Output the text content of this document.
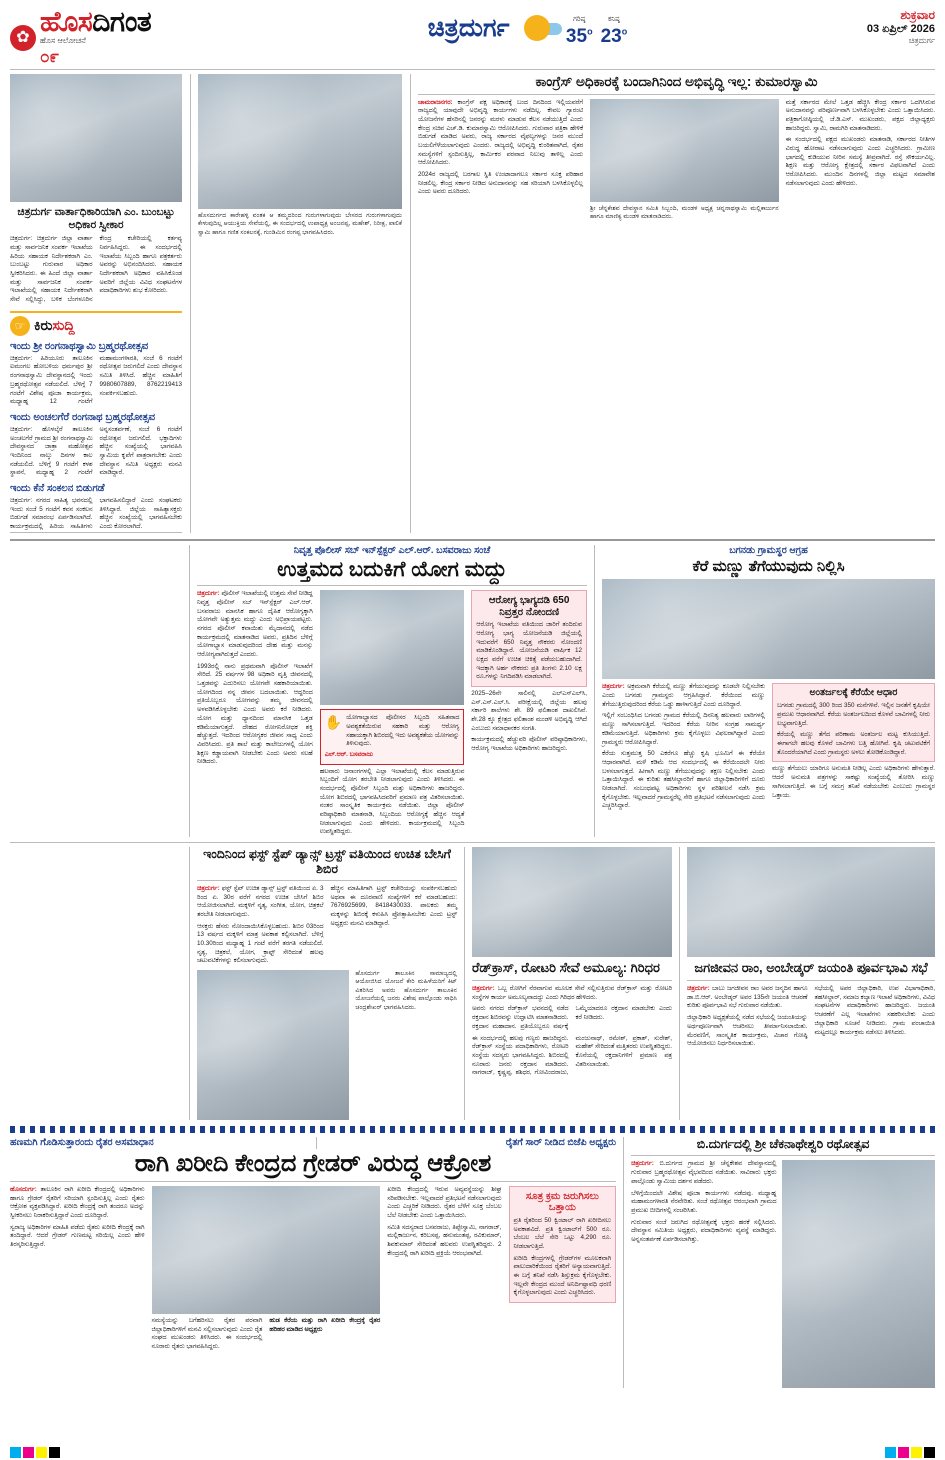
✿ ಹೊಸದಿಗಂತ
ಹೊಸ ಆಲೋಚನೆ
೦೯
ಚಿತ್ರದುರ್ಗ	ಗರಿಷ್ಠ
35$^o$
ಕನಿಷ್ಠ
23$^o$
ಶುಕ್ರವಾರ
03 ಏಪ್ರಿಲ್ 2026
ಚಿತ್ರದುರ್ಗ
ಚಿತ್ರದುರ್ಗ ವಾರ್ತಾಧಿಕಾರಿಯಾಗಿ ಎಂ. ಬುಂಬಟ್ಟು ಅಧಿಕಾರ ಸ್ವೀಕಾರ
ಚಿತ್ರದುರ್ಗ: ಚಿತ್ರದುರ್ಗ ಜಿಲ್ಲಾ ವಾರ್ತಾ ಮತ್ತು ಸಾರ್ವಜನಿಕ ಸಂಪರ್ಕ ಇಲಾಖೆಯ ಹಿರಿಯ ಸಹಾಯಕ ನಿರ್ದೇಶಕರಾಗಿ ಎಂ. ಬುಂಬಟ್ಟು ಗುರುವಾರ ಅಧಿಕಾರ ಸ್ವೀಕರಿಸಿದರು. ಈ ಹಿಂದೆ ಜಿಲ್ಲಾ ವಾರ್ತಾ ಮತ್ತು ಸಾರ್ವಜನಿಕ ಸಂಪರ್ಕ ಇಲಾಖೆಯಲ್ಲಿ ಸಹಾಯಕ ನಿರ್ದೇಶಕರಾಗಿ ಸೇವೆ ಸಲ್ಲಿಸಿದ್ದು, ಬಳಿಕ ಬೆಂಗಳೂರಿನ ಕೇಂದ್ರ ಕಚೇರಿಯಲ್ಲಿ ಕರ್ತವ್ಯ ನಿರ್ವಹಿಸಿದ್ದರು. ಈ ಸಂದರ್ಭದಲ್ಲಿ ಇಲಾಖೆಯ ಸಿಬ್ಬಂದಿ ಹಾಗೂ ಪತ್ರಕರ್ತರು ಅವರನ್ನು ಅಭಿನಂದಿಸಿದರು. ಸಹಾಯಕ ನಿರ್ದೇಶಕರಾಗಿ ಅಧಿಕಾರ ವಹಿಸಿಕೊಂಡ ಅವರಿಗೆ ಜಿಲ್ಲೆಯ ವಿವಿಧ ಸಂಘಟನೆಗಳ ಪದಾಧಿಕಾರಿಗಳು ಶುಭ ಕೋರಿದರು.
☞ ಕಿರುಸುದ್ದಿ
ಇಂದು ಶ್ರೀ ರಂಗನಾಥಸ್ವಾಮಿ ಬ್ರಹ್ಮರಥೋತ್ಸವ
ಚಿತ್ರದುರ್ಗ: ಹಿರಿಯೂರು ತಾಲೂಕಿನ ಐಮಂಗಲ ಹೋಬಳಿಯ ಧರ್ಮಪುರ ಶ್ರೀ ರಂಗನಾಥಸ್ವಾಮಿ ದೇವಸ್ಥಾನದಲ್ಲಿ ಇಂದು ಬ್ರಹ್ಮರಥೋತ್ಸವ ನಡೆಯಲಿದೆ. ಬೆಳಿಗ್ಗೆ 7 ಗಂಟೆಗೆ ವಿಶೇಷ ಪೂಜಾ ಕಾರ್ಯಕ್ರಮ, ಮಧ್ಯಾಹ್ನ 12 ಗಂಟೆಗೆ ಮಹಾಮಂಗಳಾರತಿ, ಸಂಜೆ 6 ಗಂಟೆಗೆ ರಥೋತ್ಸವ ಜರುಗಲಿದೆ ಎಂದು ದೇವಸ್ಥಾನ ಸಮಿತಿ ತಿಳಿಸಿದೆ. ಹೆಚ್ಚಿನ ಮಾಹಿತಿಗೆ 9980607889, 8762219413 ಸಂಪರ್ಕಿಸಬಹುದು.
ಇಂದು ಅಂಚಲಗೆರೆ ರಂಗನಾಥ ಬ್ರಹ್ಮರಥೋತ್ಸವ
ಚಿತ್ರದುರ್ಗ: ಹೊಳಲ್ಕೆರೆ ತಾಲೂಕಿನ ಅಂಚಲಗೆರೆ ಗ್ರಾಮದ ಶ್ರೀ ರಂಗನಾಥಸ್ವಾಮಿ ದೇವಸ್ಥಾನದ ಜಾತ್ರಾ ಮಹೋತ್ಸವ ಇಂದಿನಿಂದ ನಾಲ್ಕು ದಿನಗಳ ಕಾಲ ನಡೆಯಲಿದೆ. ಬೆಳಿಗ್ಗೆ 9 ಗಂಟೆಗೆ ಕಳಶ ಸ್ಥಾಪನೆ, ಮಧ್ಯಾಹ್ನ 2 ಗಂಟೆಗೆ ಅನ್ನಸಂತರ್ಪಣೆ, ಸಂಜೆ 6 ಗಂಟೆಗೆ ರಥೋತ್ಸವ ಜರುಗಲಿದೆ. ಭಕ್ತಾದಿಗಳು ಹೆಚ್ಚಿನ ಸಂಖ್ಯೆಯಲ್ಲಿ ಭಾಗವಹಿಸಿ ಸ್ವಾಮಿಯ ಕೃಪೆಗೆ ಪಾತ್ರರಾಗಬೇಕು ಎಂದು ದೇವಸ್ಥಾನ ಸಮಿತಿ ಅಧ್ಯಕ್ಷರು ಮನವಿ ಮಾಡಿದ್ದಾರೆ.
ಇಂದು ಕೆನೆ ಸಂಕಲನ ಬಿಡುಗಡೆ
ಚಿತ್ರದುರ್ಗ: ನಗರದ ಸಾಹಿತ್ಯ ಭವನದಲ್ಲಿ ಇಂದು ಸಂಜೆ 5 ಗಂಟೆಗೆ ಕವನ ಸಂಕಲನ ಬಿಡುಗಡೆ ಸಮಾರಂಭ ಏರ್ಪಡಿಸಲಾಗಿದೆ. ಕಾರ್ಯಕ್ರಮದಲ್ಲಿ ಹಿರಿಯ ಸಾಹಿತಿಗಳು ಭಾಗವಹಿಸಲಿದ್ದಾರೆ ಎಂದು ಸಂಘಟಕರು ತಿಳಿಸಿದ್ದಾರೆ. ಜಿಲ್ಲೆಯ ಸಾಹಿತ್ಯಾಸಕ್ತರು ಹೆಚ್ಚಿನ ಸಂಖ್ಯೆಯಲ್ಲಿ ಭಾಗವಹಿಸಬೇಕು ಎಂದು ಕೋರಲಾಗಿದೆ.
ಹೊಸದುರ್ಗದ ಕಾರೇಹಳ್ಳಿ ವಂತಕ ಆ ತಮ್ಮದರಿಂದ ಗುರುಗಳಾಗುವುದು ಬೇಸರದ ಗುರುಗಳಾಗುವುದು ಕೇಳುವುದಿಲ್ಲ ಆಯುಕ್ತಿಯ ಸೇವೆಯಲ್ಲಿ, ಈ ಸಂದರ್ಭದಲ್ಲಿ ಉಪಾಧ್ಯಕ್ಷ ಅಂಜನಪ್ಪ, ಮಹೇಶ್, ನಿರೀಕ್ಷ, ಪಾಲಿಕೆ ಸ್ವಾಮಿ ಹಾಗೂ ಗಣಿತ ಸಂಕಲನಕ್ಕೆ, ಗುಂಡಿಮಿನ ರಂಗಪ್ಪ ಭಾಗವಹಿಸಿದರು.
ಕಾಂಗ್ರೆಸ್ ಅಧಿಕಾರಕ್ಕೆ ಬಂದಾಗಿನಿಂದ ಅಭಿವೃದ್ಧಿ ಇಲ್ಲ: ಕುಮಾರಸ್ವಾಮಿ
ಚಾಮರಾಜನಗರ: ಕಾಂಗ್ರೆಸ್ ಪಕ್ಷ ಅಧಿಕಾರಕ್ಕೆ ಬಂದ ದಿನದಿಂದ ಇಲ್ಲಿಯವರೆಗೆ ರಾಜ್ಯದಲ್ಲಿ ಯಾವುದೇ ಅಭಿವೃದ್ಧಿ ಕಾರ್ಯಗಳು ನಡೆದಿಲ್ಲ. ಕೇವಲ ಗ್ಯಾರಂಟಿ ಯೋಜನೆಗಳ ಹೆಸರಿನಲ್ಲಿ ಜನರನ್ನು ಮರಳು ಮಾಡುವ ಕೆಲಸ ನಡೆಯುತ್ತಿದೆ ಎಂದು ಕೇಂದ್ರ ಸಚಿವ ಎಚ್.ಡಿ. ಕುಮಾರಸ್ವಾಮಿ ಆರೋಪಿಸಿದರು. ಗುರುವಾರ ಪತ್ರಿಕಾ ಹೇಳಿಕೆ ಬಿಡುಗಡೆ ಮಾಡಿದ ಅವರು, ರಾಜ್ಯ ಸರ್ಕಾರದ ವೈಫಲ್ಯಗಳನ್ನು ಜನರ ಮುಂದೆ ಬಯಲಿಗೆಳೆಯಲಾಗುವುದು ಎಂದರು. ರಾಜ್ಯದಲ್ಲಿ ಅಭಿವೃದ್ಧಿ ಕುಂಠಿತವಾಗಿದೆ, ರೈತರ ಸಮಸ್ಯೆಗಳಿಗೆ ಸ್ಪಂದಿಸುತ್ತಿಲ್ಲ, ಕಾರ್ಮಿಕರ ಪರವಾದ ನಿಲುವು ತಾಳಿಲ್ಲ ಎಂದು ಆರೋಪಿಸಿದರು.
2024ರ ರಾಜ್ಯದಲ್ಲಿ ಬರಗಾಲ ಸ್ಥಿತಿ ಉಂಟಾದಾಗಲೂ ಸರ್ಕಾರ ಸೂಕ್ತ ಪರಿಹಾರ ನೀಡಲಿಲ್ಲ. ಕೇಂದ್ರ ಸರ್ಕಾರ ನೀಡಿದ ಅನುದಾನವನ್ನು ಸಹ ಸರಿಯಾಗಿ ಬಳಸಿಕೊಳ್ಳಲಿಲ್ಲ ಎಂದು ಅವರು ದೂರಿದರು.
ಶ್ರೀ ಚೆನ್ನಕೇಶವ ದೇವಸ್ಥಾನ ಸಮಿತಿ ಸಿಬ್ಬಂದಿ, ಮಂಡಳಿ ಅಧ್ಯಕ್ಷ ಚನ್ನನಾಥಸ್ವಾಮಿ ಮಲ್ಲಿಕಾರ್ಜುನ ಹಾಗೂ ಮಾಣಿಕ್ಯ ಮಂಡಳಿ ಮಾತನಾಡಿದರು.
ಮತ್ತೆ ಸರ್ಕಾರದ ಮೇಲೆ ಒತ್ತಡ ಹೆಚ್ಚಿಸಿ ಕೇಂದ್ರ ಸರ್ಕಾರ ಒದಗಿಸಿರುವ ಅನುದಾನವನ್ನು ಪರಿಪೂರ್ಣವಾಗಿ ಬಳಸಿಕೊಳ್ಳಬೇಕು ಎಂದು ಒತ್ತಾಯಿಸಿದರು. ಪತ್ರಿಕಾಗೋಷ್ಠಿಯಲ್ಲಿ ಜೆ.ಡಿ.ಎಸ್. ಮುಖಂಡರು, ಪಕ್ಷದ ಜಿಲ್ಲಾಧ್ಯಕ್ಷರು ಹಾಜರಿದ್ದರು. ಸ್ವಾಮಿ, ರಾಮಗಿರಿ ಮಾತನಾಡಿದರು.
ಈ ಸಂದರ್ಭದಲ್ಲಿ ಪಕ್ಷದ ಮುಖಂಡರು ಮಾತನಾಡಿ, ಸರ್ಕಾರದ ನೀತಿಗಳ ವಿರುದ್ಧ ಹೋರಾಟ ನಡೆಸಲಾಗುವುದು ಎಂದು ಎಚ್ಚರಿಸಿದರು. ಗ್ರಾಮೀಣ ಭಾಗದಲ್ಲಿ ಕುಡಿಯುವ ನೀರಿನ ಸಮಸ್ಯೆ ತೀವ್ರವಾಗಿದೆ. ರಸ್ತೆ ಸೌಕರ್ಯವಿಲ್ಲ. ಶಿಕ್ಷಣ ಮತ್ತು ಆರೋಗ್ಯ ಕ್ಷೇತ್ರದಲ್ಲಿ ಸರ್ಕಾರ ವಿಫಲವಾಗಿದೆ ಎಂದು ಆರೋಪಿಸಿದರು. ಮುಂದಿನ ದಿನಗಳಲ್ಲಿ ಜಿಲ್ಲಾ ಮಟ್ಟದ ಸಮಾವೇಶ ನಡೆಸಲಾಗುವುದು ಎಂದು ಹೇಳಿದರು.
ನಿವೃತ್ತ ಪೊಲೀಸ್ ಸಬ್ ಇನ್‌ಸ್ಪೆಕ್ಟರ್ ಎಲ್.ಆರ್. ಬಸವರಾಜು ಸಂಚೆ
ಉತ್ತಮದ ಬದುಕಿಗೆ ಯೋಗ ಮದ್ದು
ಚಿತ್ರದುರ್ಗ: ಪೊಲೀಸ್ ಇಲಾಖೆಯಲ್ಲಿ ಉತ್ತಮ ಸೇವೆ ನೀಡಿದ್ದ ನಿವೃತ್ತ ಪೊಲೀಸ್ ಸಬ್ ಇನ್‌ಸ್ಪೆಕ್ಟರ್ ಎಲ್.ಆರ್. ಬಸವರಾಜು ಮಾನಸಿಕ ಹಾಗೂ ದೈಹಿಕ ಆರೋಗ್ಯಕ್ಕಾಗಿ ಯೋಗವೇ ಅತ್ಯುತ್ತಮ ಮದ್ದು ಎಂದು ಅಭಿಪ್ರಾಯಪಟ್ಟರು. ನಗರದ ಪೊಲೀಸ್ ಕವಾಯಿತು ಮೈದಾನದಲ್ಲಿ ನಡೆದ ಕಾರ್ಯಕ್ರಮದಲ್ಲಿ ಮಾತನಾಡಿದ ಅವರು, ಪ್ರತಿದಿನ ಬೆಳಿಗ್ಗೆ ಯೋಗಾಭ್ಯಾಸ ಮಾಡುವುದರಿಂದ ದೇಹ ಮತ್ತು ಮನಸ್ಸು ಆರೋಗ್ಯವಾಗಿರುತ್ತದೆ ಎಂದರು.
1993ರಲ್ಲಿ ನಾನು ಪ್ರಥಮವಾಗಿ ಪೊಲೀಸ್ ಇಲಾಖೆಗೆ ಸೇರಿದೆ. 25 ವರ್ಷಗಳ 98 ಅಧಿಕಾರಿ ವೃತ್ತಿ ಜೀವನದಲ್ಲಿ ಒತ್ತಡವನ್ನು ಎದುರಿಸಲು ಯೋಗವೇ ಸಹಕಾರಿಯಾಯಿತು. ಯೋಗದಿಂದ ನನ್ನ ಜೀವನ ಬದಲಾಯಿತು. ಆದ್ದರಿಂದ ಪ್ರತಿಯೊಬ್ಬರೂ ಯೋಗವನ್ನು ತಮ್ಮ ಜೀವನದಲ್ಲಿ ಅಳವಡಿಸಿಕೊಳ್ಳಬೇಕು ಎಂದು ಅವರು ಕರೆ ನೀಡಿದರು. ಯೋಗ ಮತ್ತು ಧ್ಯಾನದಿಂದ ಮಾನಸಿಕ ಒತ್ತಡ ಕಡಿಮೆಯಾಗುತ್ತದೆ. ದೇಹದ ರೋಗನಿರೋಧಕ ಶಕ್ತಿ ಹೆಚ್ಚುತ್ತದೆ. ಇದರಿಂದ ಆರೋಗ್ಯಕರ ಜೀವನ ಸಾಧ್ಯ ಎಂದು ವಿವರಿಸಿದರು. ಪ್ರತಿ ಶಾಲೆ ಮತ್ತು ಕಾಲೇಜುಗಳಲ್ಲಿ ಯೋಗ ಶಿಕ್ಷಣ ಕಡ್ಡಾಯವಾಗಿ ನೀಡಬೇಕು ಎಂದು ಅವರು ಸಲಹೆ ನೀಡಿದರು.
✋ ಯೋಗಾಭ್ಯಾಸದ ಪೊಲೀಸರ ಸಿಬ್ಬಂದಿ ಸಹಿತವಾದ ಅವಶ್ಯಕತೆಯಿರುವ ಸಹಕಾರಿ ಮತ್ತು ಆರೋಗ್ಯ ಸಹಾಯಕ್ಕಾಗಿ ಶಿಬಿರದಲ್ಲಿ ಇದು ಅವಶ್ಯಕತೆಯ ಯೋಗವನ್ನು ತಿಳಿಸುವುದು.
ಎಲ್.ಆರ್. ಬಸವರಾಜು
ಹಲವಾರು ಜನಾಂಗಗಳಲ್ಲಿ ಎಲ್ಲಾ ಇಲಾಖೆಯಲ್ಲಿ ಕೆಲಸ ಮಾಡುತ್ತಿರುವ ಸಿಬ್ಬಂದಿಗೆ ಯೋಗ ತರಬೇತಿ ನೀಡಲಾಗುವುದು ಎಂದು ತಿಳಿಸಿದರು. ಈ ಸಂದರ್ಭದಲ್ಲಿ ಪೊಲೀಸ್ ಸಿಬ್ಬಂದಿ ಮತ್ತು ಅಧಿಕಾರಿಗಳು ಹಾಜರಿದ್ದರು. ಯೋಗ ಶಿಬಿರದಲ್ಲಿ ಭಾಗವಹಿಸಿದವರಿಗೆ ಪ್ರಮಾಣ ಪತ್ರ ವಿತರಿಸಲಾಯಿತು. ನಂತರ ಸಾಂಸ್ಕೃತಿಕ ಕಾರ್ಯಕ್ರಮ ನಡೆಯಿತು. ಜಿಲ್ಲಾ ಪೊಲೀಸ್ ವರಿಷ್ಠಾಧಿಕಾರಿ ಮಾತನಾಡಿ, ಸಿಬ್ಬಂದಿಯ ಆರೋಗ್ಯಕ್ಕೆ ಹೆಚ್ಚಿನ ಆದ್ಯತೆ ನೀಡಲಾಗುವುದು ಎಂದು ಹೇಳಿದರು. ಕಾರ್ಯಕ್ರಮದಲ್ಲಿ ಸಿಬ್ಬಂದಿ ಉಪಸ್ಥಿತರಿದ್ದರು.
ಆರೋಗ್ಯ ಭಾಗ್ಯದಡಿ 650 ನಿವ್ರತ್ತರ ನೋಂದಣಿ
ಆರೋಗ್ಯ ಇಲಾಖೆಯ ವತಿಯಿಂದ ಜಾರಿಗೆ ತಂದಿರುವ ಆರೋಗ್ಯ ಭಾಗ್ಯ ಯೋಜನೆಯಡಿ ಜಿಲ್ಲೆಯಲ್ಲಿ ಇದುವರೆಗೆ 650 ನಿವೃತ್ತ ನೌಕರರು ನೋಂದಣಿ ಮಾಡಿಕೊಂಡಿದ್ದಾರೆ. ಯೋಜನೆಯಡಿ ವಾರ್ಷಿಕ 12 ಲಕ್ಷದ ವರೆಗೆ ಉಚಿತ ಚಿಕಿತ್ಸೆ ಪಡೆಯಬಹುದಾಗಿದೆ. ಇದಕ್ಕಾಗಿ ಅರ್ಹ ನೌಕರರು ಪ್ರತಿ ತಿಂಗಳು 2.10 ಲಕ್ಷ ರೂ.ಗಳನ್ನು ನಿಗದಿಪಡಿಸಿ ಮಾಡಲಾಗಿದೆ.
2025–26ನೇ ಸಾಲಿನಲ್ಲಿ ಎಲ್‌ಎಸ್‌ಎಲ್‌ಸಿ, ಎಸ್.ಎಸ್.ಎಲ್.ಸಿ. ಪರೀಕ್ಷೆಯಲ್ಲಿ ಜಿಲ್ಲೆಯ ಹಲವು ಸರ್ಕಾರಿ ಶಾಲೆಗಳು ಶೇ. 89 ಫಲಿತಾಂಶ ದಾಖಲಿಸಿವೆ. ಶೇ.28 ಕ್ಕೂ ಕ್ಷೇತ್ರದ ಫಲಿತಾಂಶ ಮಂಡಳಿ ಅಭಿವೃದ್ಧಿ ಆಗಿದೆ ಎಂಬುದು ಸಮಾಧಾನಕರ ಸಂಗತಿ.
ಕಾರ್ಯಕ್ರಮದಲ್ಲಿ ಹೆಚ್ಚುವರಿ ಪೊಲೀಸ್ ವರಿಷ್ಠಾಧಿಕಾರಿಗಳು, ಆರೋಗ್ಯ ಇಲಾಖೆಯ ಅಧಿಕಾರಿಗಳು ಹಾಜರಿದ್ದರು.
ಬಗನಡು ಗ್ರಾಮಸ್ಥರ ಆಗ್ರಹ
ಕೆರೆ ಮಣ್ಣು ತೆಗೆಯುವುದು ನಿಲ್ಲಿಸಿ
ಚಿತ್ರದುರ್ಗ: ಅಕ್ರಮವಾಗಿ ಕೆರೆಯಲ್ಲಿ ಮಣ್ಣು ತೆಗೆಯುವುದನ್ನು ಕೂಡಲೇ ನಿಲ್ಲಿಸಬೇಕು ಎಂದು ಬಗನಡು ಗ್ರಾಮಸ್ಥರು ಆಗ್ರಹಿಸಿದ್ದಾರೆ. ಕೆರೆಯಿಂದ ಮಣ್ಣು ತೆಗೆಯುತ್ತಿರುವುದರಿಂದ ಕೆರೆಯ ಒಡ್ಡು ಹಾಳಾಗುತ್ತಿದೆ ಎಂದು ದೂರಿದ್ದಾರೆ.
ಇಲ್ಲಿಗೆ ಸಂಬಂಧಿಸಿದ ಬಗನಡು ಗ್ರಾಮದ ಕೆರೆಯಲ್ಲಿ ದಿನನಿತ್ಯ ಹಲವಾರು ಲಾರಿಗಳಲ್ಲಿ ಮಣ್ಣು ಸಾಗಿಸಲಾಗುತ್ತಿದೆ. ಇದರಿಂದ ಕೆರೆಯ ನೀರಿನ ಸಂಗ್ರಹ ಸಾಮರ್ಥ್ಯ ಕಡಿಮೆಯಾಗುತ್ತಿದೆ. ಅಧಿಕಾರಿಗಳು ಕ್ರಮ ಕೈಗೊಳ್ಳಲು ವಿಫಲರಾಗಿದ್ದಾರೆ ಎಂದು ಗ್ರಾಮಸ್ಥರು ಆರೋಪಿಸಿದ್ದಾರೆ.
ಕೆರೆಯ ಸುತ್ತಮುತ್ತ 50 ಎಕರೆಗೂ ಹೆಚ್ಚು ಕೃಷಿ ಭೂಮಿಗೆ ಈ ಕೆರೆಯೇ ಆಧಾರವಾಗಿದೆ. ಮಳೆ ಕಡಿಮೆ ಆದ ಸಂದರ್ಭದಲ್ಲಿ ಈ ಕೆರೆಯಿಂದಲೇ ನೀರು ಬಳಸಲಾಗುತ್ತದೆ. ಹೀಗಾಗಿ ಮಣ್ಣು ತೆಗೆಯುವುದನ್ನು ತಕ್ಷಣ ನಿಲ್ಲಿಸಬೇಕು ಎಂದು ಒತ್ತಾಯಿಸಿದ್ದಾರೆ. ಈ ಕುರಿತು ತಹಸೀಲ್ದಾರರಿಗೆ ಹಾಗೂ ಜಿಲ್ಲಾಧಿಕಾರಿಗಳಿಗೆ ದೂರು ನೀಡಲಾಗಿದೆ. ಸಂಬಂಧಪಟ್ಟ ಅಧಿಕಾರಿಗಳು ಸ್ಥಳ ಪರಿಶೀಲನೆ ನಡೆಸಿ ಕ್ರಮ ಕೈಗೊಳ್ಳಬೇಕು. ಇಲ್ಲವಾದರೆ ಗ್ರಾಮಸ್ಥರೆಲ್ಲ ಸೇರಿ ಪ್ರತಿಭಟನೆ ನಡೆಸಲಾಗುವುದು ಎಂದು ಎಚ್ಚರಿಸಿದ್ದಾರೆ.
ಅಂತರ್ಜಲಕ್ಕೆ ಕೆರೆಯೇ ಆಧಾರ
ಬಗನಡು ಗ್ರಾಮದಲ್ಲಿ 300 ರಿಂದ 350 ಮನೆಗಳಿವೆ. ಇಲ್ಲಿನ ಜನತೆಗೆ ಕೃಷಿಯೇ ಪ್ರಮುಖ ಆಧಾರವಾಗಿದೆ. ಕೆರೆಯ ಅಂತರ್ಜಲದಿಂದ ಕೊಳವೆ ಬಾವಿಗಳಲ್ಲಿ ನೀರು ಲಭ್ಯವಾಗುತ್ತಿದೆ.
ಕೆರೆಯಲ್ಲಿ ಮಣ್ಣು ತೆಗೆದ ಪರಿಣಾಮ ಅಂತರ್ಜಲ ಮಟ್ಟ ಕುಸಿಯುತ್ತಿದೆ. ಈಗಾಗಲೇ ಹಲವು ಕೊಳವೆ ಬಾವಿಗಳು ಬತ್ತಿ ಹೋಗಿವೆ. ಕೃಷಿ ಚಟುವಟಿಕೆಗೆ ತೊಂದರೆಯಾಗಿದೆ ಎಂದು ಗ್ರಾಮಸ್ಥರು ಅಳಲು ತೋಡಿಕೊಂಡಿದ್ದಾರೆ.
ಮಣ್ಣು ತೆಗೆಯಲು ಯಾರಿಗೂ ಅನುಮತಿ ನೀಡಿಲ್ಲ ಎಂದು ಅಧಿಕಾರಿಗಳು ಹೇಳುತ್ತಾರೆ. ಆದರೆ ಅನುಮತಿ ಪತ್ರಗಳನ್ನು ಸಾಕಷ್ಟು ಸಂಖ್ಯೆಯಲ್ಲಿ ತೋರಿಸಿ ಮಣ್ಣು ಸಾಗಿಸಲಾಗುತ್ತಿದೆ. ಈ ಬಗ್ಗೆ ಸಮಗ್ರ ತನಿಖೆ ನಡೆಯಬೇಕು ಎಂಬುದು ಗ್ರಾಮಸ್ಥರ ಒತ್ತಾಯ.
ಇಂದಿನಿಂದ ಫಸ್ಟ್ ಸ್ಟೆಪ್ ಡ್ಯಾನ್ಸ್ ಟ್ರಸ್ಟ್ ವತಿಯಿಂದ ಉಚಿತ ಬೇಸಿಗೆ ಶಿಬಿರ
ಚಿತ್ರದುರ್ಗ: ಫಸ್ಟ್ ಸ್ಟೆಪ್ ಉಚಿತ ಡ್ಯಾನ್ಸ್ ಟ್ರಸ್ಟ್ ವತಿಯಿಂದ ಏ. 3 ರಿಂದ ಏ. 30ರ ವರೆಗೆ ನಗರದ ಉಚಿತ ಬೇಸಿಗೆ ಶಿಬಿರ ಆಯೋಜಿಸಲಾಗಿದೆ. ಮಕ್ಕಳಿಗೆ ನೃತ್ಯ, ಸಂಗೀತ, ಯೋಗ, ಚಿತ್ರಕಲೆ ತರಬೇತಿ ನೀಡಲಾಗುವುದು.
ಆಸಕ್ತರು ಹೆಸರು ನೋಂದಾಯಿಸಿಕೊಳ್ಳಬಹುದು. ಶಿಬಿರ 03ರಿಂದ 13 ವರ್ಷದ ಮಕ್ಕಳಿಗೆ ಮಾತ್ರ ಅವಕಾಶ ಕಲ್ಪಿಸಲಾಗಿದೆ. ಬೆಳಿಗ್ಗೆ 10.30ರಿಂದ ಮಧ್ಯಾಹ್ನ 1 ಗಂಟೆ ವರೆಗೆ ತರಗತಿ ನಡೆಯಲಿದೆ. ನೃತ್ಯ, ಚಿತ್ರಕಲೆ, ಯೋಗ, ಕ್ರಾಫ್ಟ್ ಸೇರಿದಂತೆ ಹಲವು ಚಟುವಟಿಕೆಗಳನ್ನು ಕಲಿಸಲಾಗುವುದು.
ಹೆಚ್ಚಿನ ಮಾಹಿತಿಗಾಗಿ ಟ್ರಸ್ಟ್ ಕಚೇರಿಯನ್ನು ಸಂಪರ್ಕಿಸಬಹುದು ಅಥವಾ ಈ ದೂರವಾಣಿ ಸಂಖ್ಯೆಗಳಿಗೆ ಕರೆ ಮಾಡಬಹುದು: 7676925699, 8418430033. ಪಾಲಕರು ತಮ್ಮ ಮಕ್ಕಳನ್ನು ಶಿಬಿರಕ್ಕೆ ಕಳುಹಿಸಿ ಪ್ರೋತ್ಸಾಹಿಸಬೇಕು ಎಂದು ಟ್ರಸ್ಟ್ ಅಧ್ಯಕ್ಷರು ಮನವಿ ಮಾಡಿದ್ದಾರೆ.
ಹೊಸದುರ್ಗ ತಾಲೂಕಿನ ಸಾಮಾಜ್ಯದಲ್ಲಿ ಆಯೋಜಿಸಿದ ಯೋಜನೆ ಕೇರಿ ಮಹಿಳೆಯರಿಗೆ ಕಿಟ್ ವಿತರಿಸಿದ ಅವರು ಹೊಸದುರ್ಗ ತಾಲೂಕಿನ ಯೋಜನೆಯಲ್ಲಿ ಜನರು ವಿಶೇಷ ಪಾಲ್ಗೊಂಡು ಸಾಧಿಸಿ ಚಂದ್ರಶೇಖರ್ ಭಾಗವಹಿಸಿದರು.
ರೆಡ್‌ಕ್ರಾಸ್, ರೋಟರಿ ಸೇವೆ ಅಮೂಲ್ಯ: ಗಿರಿಧರ
ಚಿತ್ರದುರ್ಗ: ಒಬ್ಬ ರೋಗಿಗೆ ನೆರವಾಗುವ ಮೂಲಕ ಸೇವೆ ಸಲ್ಲಿಸುತ್ತಿರುವ ರೆಡ್‌ಕ್ರಾಸ್ ಮತ್ತು ರೋಟರಿ ಸಂಸ್ಥೆಗಳ ಕಾರ್ಯ ಅಮೂಲ್ಯವಾದದ್ದು ಎಂದು ಗಿರಿಧರ ಹೇಳಿದರು.
ಅವರು ನಗರದ ರೆಡ್‌ಕ್ರಾಸ್ ಭವನದಲ್ಲಿ ನಡೆದ ರಕ್ತದಾನ ಶಿಬಿರವನ್ನು ಉದ್ಘಾಟಿಸಿ ಮಾತನಾಡಿದರು. ರಕ್ತದಾನ ಮಹಾದಾನ. ಪ್ರತಿಯೊಬ್ಬರೂ ವರ್ಷಕ್ಕೆ ಒಮ್ಮೆಯಾದರೂ ರಕ್ತದಾನ ಮಾಡಬೇಕು ಎಂದು ಕರೆ ನೀಡಿದರು.
ಈ ಸಂದರ್ಭದಲ್ಲಿ ಹಲವು ಗಣ್ಯರು ಹಾಜರಿದ್ದರು. ರೆಡ್‌ಕ್ರಾಸ್ ಸಂಸ್ಥೆಯ ಪದಾಧಿಕಾರಿಗಳು, ರೋಟರಿ ಸಂಸ್ಥೆಯ ಸದಸ್ಯರು ಭಾಗವಹಿಸಿದ್ದರು. ಶಿಬಿರದಲ್ಲಿ ನೂರಾರು ಜನರು ರಕ್ತದಾನ ಮಾಡಿದರು. ನಾಗರಾಜ್, ಕೃಷ್ಣಪ್ಪ, ಶಶಿಧರ, ಗೋವಿಂದರಾಜು, ಮಂಜುನಾಥ್, ರಮೇಶ್, ಪ್ರಕಾಶ್, ಸುರೇಶ್, ಮಹೇಶ್ ಸೇರಿದಂತೆ ಮತ್ತಿತರರು ಉಪಸ್ಥಿತರಿದ್ದರು. ಕೊನೆಯಲ್ಲಿ ರಕ್ತದಾನಿಗಳಿಗೆ ಪ್ರಮಾಣ ಪತ್ರ ವಿತರಿಸಲಾಯಿತು.
ಜಗಜೀವನ ರಾಂ, ಅಂಬೇಡ್ಕರ್ ಜಯಂತಿ ಪೂರ್ವಭಾವಿ ಸಭೆ
ಚಿತ್ರದುರ್ಗ: ಬಾಬು ಜಗಜೀವನ ರಾಂ ಅವರ ಜನ್ಮದಿನ ಹಾಗೂ ಡಾ.ಬಿ.ಆರ್. ಅಂಬೇಡ್ಕರ್ ಅವರ 135ನೇ ಜಯಂತಿ ಆಚರಣೆ ಕುರಿತು ಪೂರ್ವಭಾವಿ ಸಭೆ ಗುರುವಾರ ನಡೆಯಿತು.
ಜಿಲ್ಲಾಧಿಕಾರಿ ಅಧ್ಯಕ್ಷತೆಯಲ್ಲಿ ನಡೆದ ಸಭೆಯಲ್ಲಿ ಜಯಂತಿಯನ್ನು ಅರ್ಥಪೂರ್ಣವಾಗಿ ಆಚರಿಸಲು ತೀರ್ಮಾನಿಸಲಾಯಿತು. ಮೆರವಣಿಗೆ, ಸಾಂಸ್ಕೃತಿಕ ಕಾರ್ಯಕ್ರಮ, ವಿಚಾರ ಗೋಷ್ಠಿ ಆಯೋಜಿಸಲು ನಿರ್ಧರಿಸಲಾಯಿತು.
ಸಭೆಯಲ್ಲಿ ಅಪರ ಜಿಲ್ಲಾಧಿಕಾರಿ, ಉಪ ವಿಭಾಗಾಧಿಕಾರಿ, ತಹಸೀಲ್ದಾರ್, ಸಮಾಜ ಕಲ್ಯಾಣ ಇಲಾಖೆ ಅಧಿಕಾರಿಗಳು, ವಿವಿಧ ಸಂಘಟನೆಗಳ ಪದಾಧಿಕಾರಿಗಳು ಹಾಜರಿದ್ದರು. ಜಯಂತಿ ಆಚರಣೆಗೆ ಎಲ್ಲ ಇಲಾಖೆಗಳು ಸಹಕರಿಸಬೇಕು ಎಂದು ಜಿಲ್ಲಾಧಿಕಾರಿ ಸೂಚನೆ ನೀಡಿದರು. ಗ್ರಾಮ ಪಂಚಾಯಿತಿ ಮಟ್ಟದಲ್ಲೂ ಕಾರ್ಯಕ್ರಮ ನಡೆಸಲು ತಿಳಿಸಿದರು.
ಹಣಮಗಿ ಗೊಡಿಸುತ್ತಾರಂದು ರೈತರ ಅಸಮಾಧಾನ	ರೈತಗೆ ಸಾರ್ ನೀಡಿದ ಬಿಜೆಪಿ ಅಧ್ಯಕ್ಷರು
ರಾಗಿ ಖರೀದಿ ಕೇಂದ್ರದ ಗ್ರೇಡರ್ ವಿರುದ್ಧ ಆಕ್ರೋಶ
ಹೊಸದುರ್ಗ: ತಾಲೂಕಿನ ರಾಗಿ ಖರೀದಿ ಕೇಂದ್ರದಲ್ಲಿ ಅಧಿಕಾರಿಗಳು ಹಾಗೂ ಗ್ರೇಡರ್ ರೈತರಿಗೆ ಸರಿಯಾಗಿ ಸ್ಪಂದಿಸುತ್ತಿಲ್ಲ ಎಂದು ರೈತರು ಆಕ್ರೋಶ ವ್ಯಕ್ತಪಡಿಸಿದ್ದಾರೆ. ಖರೀದಿ ಕೇಂದ್ರಕ್ಕೆ ರಾಗಿ ತಂದರೂ ಅದನ್ನು ಸ್ವೀಕರಿಸಲು ನಿರಾಕರಿಸುತ್ತಿದ್ದಾರೆ ಎಂದು ದೂರಿದ್ದಾರೆ.
ಸ್ವರಾಜ್ಯ ಅಧಿಕಾರಿಗಳ ಮಾಹಿತಿ ಪಡೆದು ರೈತರು ಖರೀದಿ ಕೇಂದ್ರಕ್ಕೆ ರಾಗಿ ತಂದಿದ್ದಾರೆ. ಆದರೆ ಗ್ರೇಡರ್ ಗುಣಮಟ್ಟ ಸರಿಯಿಲ್ಲ ಎಂದು ಹೇಳಿ ತಿರಸ್ಕರಿಸುತ್ತಿದ್ದಾರೆ.
ಸಮಸ್ಯೆಯನ್ನು ಬಗೆಹರಿಸಲು ರೈತರ ಪರವಾಗಿ ಜಿಲ್ಲಾಧಿಕಾರಿಗಳಿಗೆ ಮನವಿ ಸಲ್ಲಿಸಲಾಗುವುದು ಎಂದು ರೈತ ಸಂಘದ ಮುಖಂಡರು ತಿಳಿಸಿದರು. ಈ ಸಂದರ್ಭದಲ್ಲಿ ನೂರಾರು ರೈತರು ಭಾಗವಹಿಸಿದ್ದರು.
ಹುಡ ಕೆರೆಯ ಮತ್ತು ರಾಗಿ ಖರೀದಿ ಕೇಂದ್ರಕ್ಕೆ ರೈತರ ಹರಿಹರ ಮಾಡಿದ ಅಧ್ಯಕ್ಷರು
ಖರೀದಿ ಕೇಂದ್ರದಲ್ಲಿ ಇರುವ ಅವ್ಯವಸ್ಥೆಯನ್ನು ಶೀಘ್ರ ಸರಿಪಡಿಸಬೇಕು. ಇಲ್ಲವಾದರೆ ಪ್ರತಿಭಟನೆ ನಡೆಸಲಾಗುವುದು ಎಂದು ಎಚ್ಚರಿಕೆ ನೀಡಿದರು. ರೈತರ ಬೆಳೆಗೆ ಸೂಕ್ತ ಬೆಂಬಲ ಬೆಲೆ ನೀಡಬೇಕು ಎಂದು ಒತ್ತಾಯಿಸಿದರು.
ಸಮಿತಿ ಸದಸ್ಯರಾದ ಬಸವರಾಜು, ತಿಪ್ಪೇಸ್ವಾಮಿ, ನಾಗರಾಜ್, ಮಲ್ಲಿಕಾರ್ಜುನ, ಕರಿಬಸಪ್ಪ, ಹನುಮಂತಪ್ಪ, ರವಿಕುಮಾರ್, ಶಿವಕುಮಾರ್ ಸೇರಿದಂತೆ ಹಲವರು ಉಪಸ್ಥಿತರಿದ್ದರು. 2 ಕೇಂದ್ರದಲ್ಲಿ ರಾಗಿ ಖರೀದಿ ಪ್ರಕ್ರಿಯೆ ಆರಂಭವಾಗಿದೆ.
ಸೂತ್ರ ಕ್ರಮ ಜರುಗಿಸಲು ಒತ್ತಾಯ
ಪ್ರತಿ ರೈತರಿಂದ 50 ಕ್ವಿಂಟಾಲ್ ರಾಗಿ ಖರೀದಿಸಲು ಅವಕಾಶವಿದೆ. ಪ್ರತಿ ಕ್ವಿಂಟಾಲ್‌ಗೆ 500 ರೂ. ಬೆಂಬಲ ಬೆಲೆ ಸೇರಿ ಒಟ್ಟು 4,290 ರೂ. ನೀಡಲಾಗುತ್ತಿದೆ.
ಖರೀದಿ ಕೇಂದ್ರಗಳಲ್ಲಿ ಗ್ರೇಡರ್‌ಗಳ ಮೂಲಕವಾಗಿ ಪಾಲುದಾರಿಕೆಯಿಂದ ರೈತರಿಗೆ ಅನ್ಯಾಯವಾಗುತ್ತಿದೆ. ಈ ಬಗ್ಗೆ ತನಿಖೆ ನಡೆಸಿ ಶಿಸ್ತುಕ್ರಮ ಕೈಗೊಳ್ಳಬೇಕು. ಇಲ್ಲವೇ ಕೇಂದ್ರದ ಮುಂದೆ ಅನಿರ್ದಿಷ್ಟಾವಧಿ ಧರಣಿ ಕೈಗೊಳ್ಳಲಾಗುವುದು ಎಂದು ಎಚ್ಚರಿಸಿದರು.
ಬಿ.ದುರ್ಗದಲ್ಲಿ ಶ್ರೀ ಚೆಕನಾಥೇಶ್ವರಿ ರಥೋತ್ಸವ
ಚಿತ್ರದುರ್ಗ: ಬಿ.ದುರ್ಗದ ಗ್ರಾಮದ ಶ್ರೀ ಚೆನ್ನಕೇಶವ ದೇವಸ್ಥಾನದಲ್ಲಿ ಗುರುವಾರ ಬ್ರಹ್ಮರಥೋತ್ಸವ ವೈಭವದಿಂದ ನಡೆಯಿತು. ಸಾವಿರಾರು ಭಕ್ತರು ಪಾಲ್ಗೊಂಡು ಸ್ವಾಮಿಯ ದರ್ಶನ ಪಡೆದರು.
ಬೆಳಿಗ್ಗೆಯಿಂದಲೇ ವಿಶೇಷ ಪೂಜಾ ಕಾರ್ಯಗಳು ನಡೆದವು. ಮಧ್ಯಾಹ್ನ ಮಹಾಮಂಗಳಾರತಿ ನೆರವೇರಿತು. ಸಂಜೆ ರಥೋತ್ಸವ ಆರಂಭವಾಗಿ ಗ್ರಾಮದ ಪ್ರಮುಖ ಬೀದಿಗಳಲ್ಲಿ ಸಂಚರಿಸಿತು.
ಗುರುವಾರ ಸಂಜೆ ಜರುಗಿದ ರಥೋತ್ಸವಕ್ಕೆ ಭಕ್ತರು ಹರಕೆ ಸಲ್ಲಿಸಿದರು. ದೇವಸ್ಥಾನ ಸಮಿತಿಯ ಅಧ್ಯಕ್ಷರು, ಪದಾಧಿಕಾರಿಗಳು ವ್ಯವಸ್ಥೆ ಮಾಡಿದ್ದರು. ಅನ್ನಸಂತರ್ಪಣೆ ಏರ್ಪಡಿಸಲಾಗಿತ್ತು.
